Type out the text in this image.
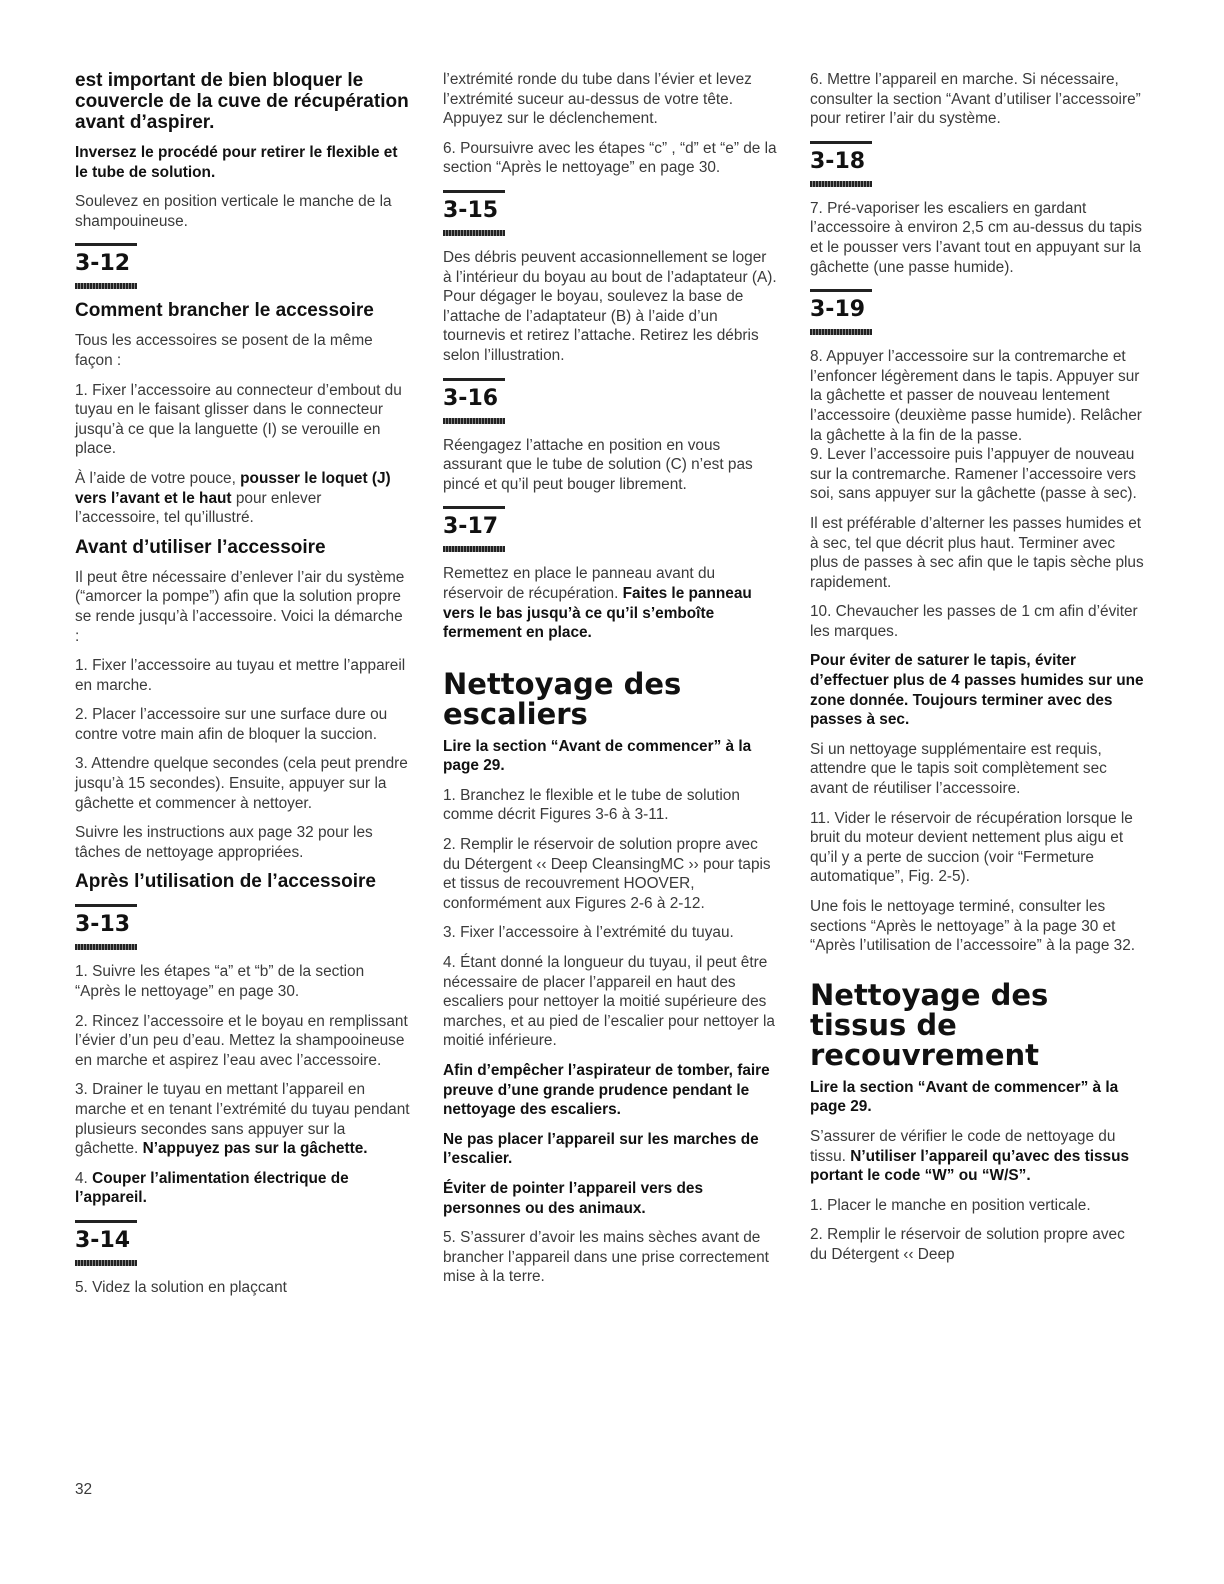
est important de bien bloquer le couvercle de la cuve de récupération avant d’aspirer.
Inversez le procédé pour retirer le flexible et le tube de solution.

Soulevez en position verticale le manche de la shampouineuse.

3-12
Comment brancher le accessoire

Tous les accessoires se posent de la même façon :

1. Fixer l’accessoire au connecteur d’embout du tuyau en le faisant glisser dans le connecteur jusqu’à ce que la languette (I) se verouille en place.

À l’aide de votre pouce, pousser le loquet (J) vers l’avant et le haut pour enlever l’accessoire, tel qu’illustré.

Avant d’utiliser l’accessoire

Il peut être nécessaire d’enlever l’air du système (“amorcer la pompe”) afin que la solution propre se rende jusqu’à l’accessoire. Voici la démarche :

1. Fixer l’accessoire au tuyau et mettre l’appareil en marche.

2. Placer l’accessoire sur une surface dure ou contre votre main afin de bloquer la succion.

3. Attendre quelque secondes (cela peut prendre jusqu’à 15 secondes). Ensuite, appuyer sur la gâchette et commencer à nettoyer.

Suivre les instructions aux page 32 pour les tâches de nettoyage appropriées.

Après l’utilisation de l’accessoire
3-13

1. Suivre les étapes “a” et “b” de la section “Après le nettoyage” en page 30.

2. Rincez l’accessoire et le boyau en remplissant l’évier d’un peu d’eau. Mettez la shampooineuse en marche et aspirez l’eau avec l’accessoire.

3. Drainer le tuyau en mettant l’appareil en marche et en tenant l’extrémité du tuyau pendant plusieurs secondes sans appuyer sur la gâchette. N’appuyez pas sur la gâchette.

4. Couper l’alimentation électrique de l’appareil.

3-14

5. Videz la solution en plaçcant

l’extrémité ronde du tube dans l’évier et levez l’extrémité suceur au-dessus de votre tête. Appuyez sur le déclenchement.

6. Poursuivre avec les étapes “c” , “d” et “e” de la section “Après le nettoyage” en page 30.

3-15

Des débris peuvent accasionnellement se loger à l’intérieur du boyau au bout de l’adaptateur (A). Pour dégager le boyau, soulevez la base de l’attache de l’adaptateur (B) à l’aide d’un tournevis et retirez l’attache. Retirez les débris selon l’illustration.

3-16

Réengagez l’attache en position en vous assurant que le tube de solution (C) n’est pas pincé et qu’il peut bouger librement.

3-17

Remettez en place le panneau avant du réservoir de récupération. Faites le panneau vers le bas jusqu’à ce qu’il s’emboîte fermement en place.

Nettoyage des escaliers
Lire la section “Avant de commencer” à la page 29.

1. Branchez le flexible et le tube de solution comme décrit Figures 3-6 à 3-11.

2. Remplir le réservoir de solution propre avec du Détergent ‹‹ Deep CleansingMC ›› pour tapis et tissus de recouvrement HOOVER, conformément aux Figures 2-6 à 2-12.

3. Fixer l’accessoire à l’extrémité du tuyau.

4. Étant donné la longueur du tuyau, il peut être nécessaire de placer l’appareil en haut des escaliers pour nettoyer la moitié supérieure des marches, et au pied de l’escalier pour nettoyer la moitié inférieure.

Afin d’empêcher l’aspirateur de tomber, faire preuve d’une grande prudence pendant le nettoyage des escaliers.
Ne pas placer l’appareil sur les marches de l’escalier.
Éviter de pointer l’appareil vers des personnes ou des animaux.

5. S’assurer d’avoir les mains sèches avant de brancher l’appareil dans une prise correctement mise à la terre.

6. Mettre l’appareil en marche. Si nécessaire, consulter la section “Avant d’utiliser l’accessoire” pour retirer l’air du système.

3-18

7. Pré-vaporiser les escaliers en gardant l’accessoire à environ 2,5 cm au-dessus du tapis et le pousser vers l’avant tout en appuyant sur la gâchette (une passe humide).

3-19

8. Appuyer l’accessoire sur la contremarche et l’enfoncer légèrement dans le tapis. Appuyer sur la gâchette et passer de nouveau lentement l’accessoire (deuxième passe humide). Relâcher la gâchette à la fin de la passe.

9. Lever l’accessoire puis l’appuyer de nouveau sur la contremarche. Ramener l’accessoire vers soi, sans appuyer sur la gâchette (passe à sec).

Il est préférable d’alterner les passes humides et à sec, tel que décrit plus haut. Terminer avec plus de passes à sec afin que le tapis sèche plus rapidement.

10. Chevaucher les passes de 1 cm afin d’éviter les marques.

Pour éviter de saturer le tapis, éviter d’effectuer plus de 4 passes humides sur une zone donnée. Toujours terminer avec des passes à sec.

Si un nettoyage supplémentaire est requis, attendre que le tapis soit complètement sec avant de réutiliser l’accessoire.

11. Vider le réservoir de récupération lorsque le bruit du moteur devient nettement plus aigu et qu’il y a perte de succion (voir “Fermeture automatique”, Fig. 2-5).

Une fois le nettoyage terminé, consulter les sections “Après le nettoyage” à la page 30 et “Après l’utilisation de l’accessoire” à la page 32.

Nettoyage des tissus de recouvrement
Lire la section “Avant de commencer” à la page 29.

S’assurer de vérifier le code de nettoyage du tissu. N’utiliser l’appareil qu’avec des tissus portant le code “W” ou “W/S”.

1. Placer le manche en position verticale.

2. Remplir le réservoir de solution propre avec du Détergent ‹‹ Deep

32
